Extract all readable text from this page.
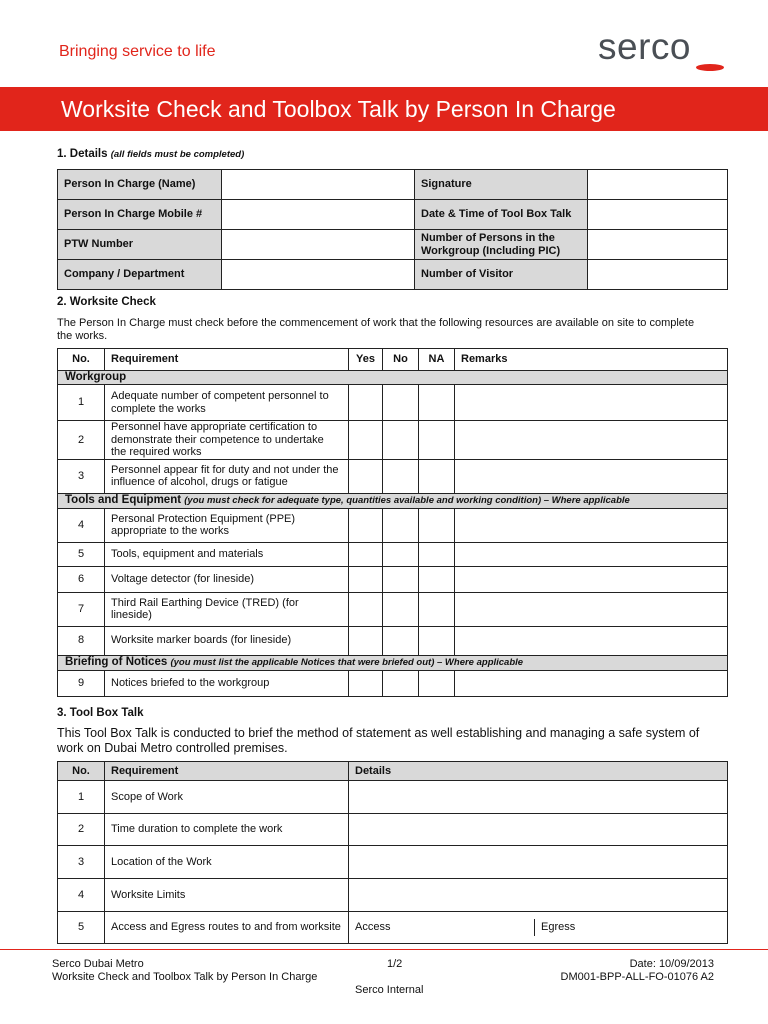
Bringing service to life	serco
Worksite Check and Toolbox Talk by Person In Charge
1. Details (all fields must be completed)
Person In Charge (Name)		Signature	
Person In Charge Mobile #		Date & Time of Tool Box Talk	
PTW Number		Number of Persons in the Workgroup (Including PIC)	
Company / Department		Number of Visitor	
2. Worksite Check
The Person In Charge must check before the commencement of work that the following resources are available on site to complete the works.
No.	Requirement	Yes	No	NA	Remarks
Workgroup					
1	Adequate number of competent personnel to complete the works				
2	Personnel have appropriate certification to demonstrate their competence to undertake the required works				
3	Personnel appear fit for duty and not under the influence of alcohol, drugs or fatigue				
Tools and Equipment (you must check for adequate type, quantities available and working condition) – Where applicable					
4	Personal Protection Equipment (PPE) appropriate to the works				
5	Tools, equipment and materials				
6	Voltage detector (for lineside)				
7	Third Rail Earthing Device (TRED) (for lineside)				
8	Worksite marker boards (for lineside)				
Briefing of Notices (you must list the applicable Notices that were briefed out) – Where applicable					
9	Notices briefed to the workgroup				
3. Tool Box Talk
This Tool Box Talk is conducted to brief the method of statement as well establishing and managing a safe system of work on Dubai Metro controlled premises.
No.	Requirement	Details
1	Scope of Work	
2	Time duration to complete the work	
3	Location of the Work	
4	Worksite Limits	
5	Access and Egress routes to and from worksite	Access Egress
Serco Dubai Metro
Worksite Check and Toolbox Talk by Person In Charge
1/2
Serco Internal
Date: 10/09/2013
DM001-BPP-ALL-FO-01076 A2
